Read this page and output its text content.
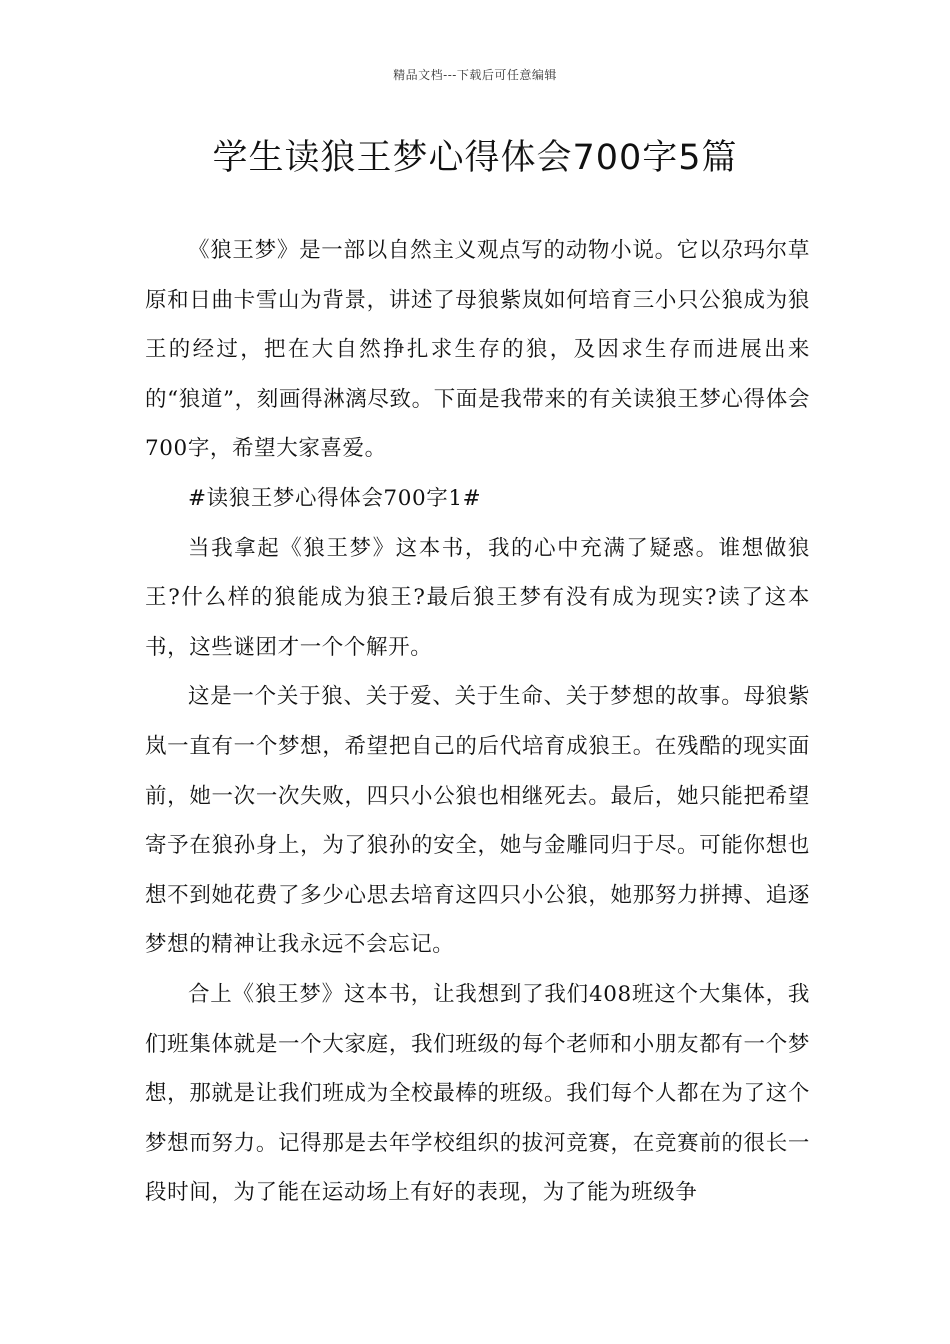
精品文档---下载后可任意编辑
学生读狼王梦心得体会700字5篇

《狼王梦》是一部以自然主义观点写的动物小说。它以尕玛尔草原和日曲卡雪山为背景，讲述了母狼紫岚如何培育三小只公狼成为狼王的经过，把在大自然挣扎求生存的狼，及因求生存而进展出来的“狼道”，刻画得淋漓尽致。下面是我带来的有关读狼王梦心得体会700字，希望大家喜爱。

#读狼王梦心得体会700字1#

当我拿起《狼王梦》这本书，我的心中充满了疑惑。谁想做狼王?什么样的狼能成为狼王?最后狼王梦有没有成为现实?读了这本书，这些谜团才一个个解开。

这是一个关于狼、关于爱、关于生命、关于梦想的故事。母狼紫岚一直有一个梦想，希望把自己的后代培育成狼王。在残酷的现实面前，她一次一次失败，四只小公狼也相继死去。最后，她只能把希望寄予在狼孙身上，为了狼孙的安全，她与金雕同归于尽。可能你想也想不到她花费了多少心思去培育这四只小公狼，她那努力拼搏、追逐梦想的精神让我永远不会忘记。

合上《狼王梦》这本书，让我想到了我们408班这个大集体，我们班集体就是一个大家庭，我们班级的每个老师和小朋友都有一个梦想，那就是让我们班成为全校最棒的班级。我们每个人都在为了这个梦想而努力。记得那是去年学校组织的拔河竞赛，在竞赛前的很长一段时间，为了能在运动场上有好的表现，为了能为班级争
